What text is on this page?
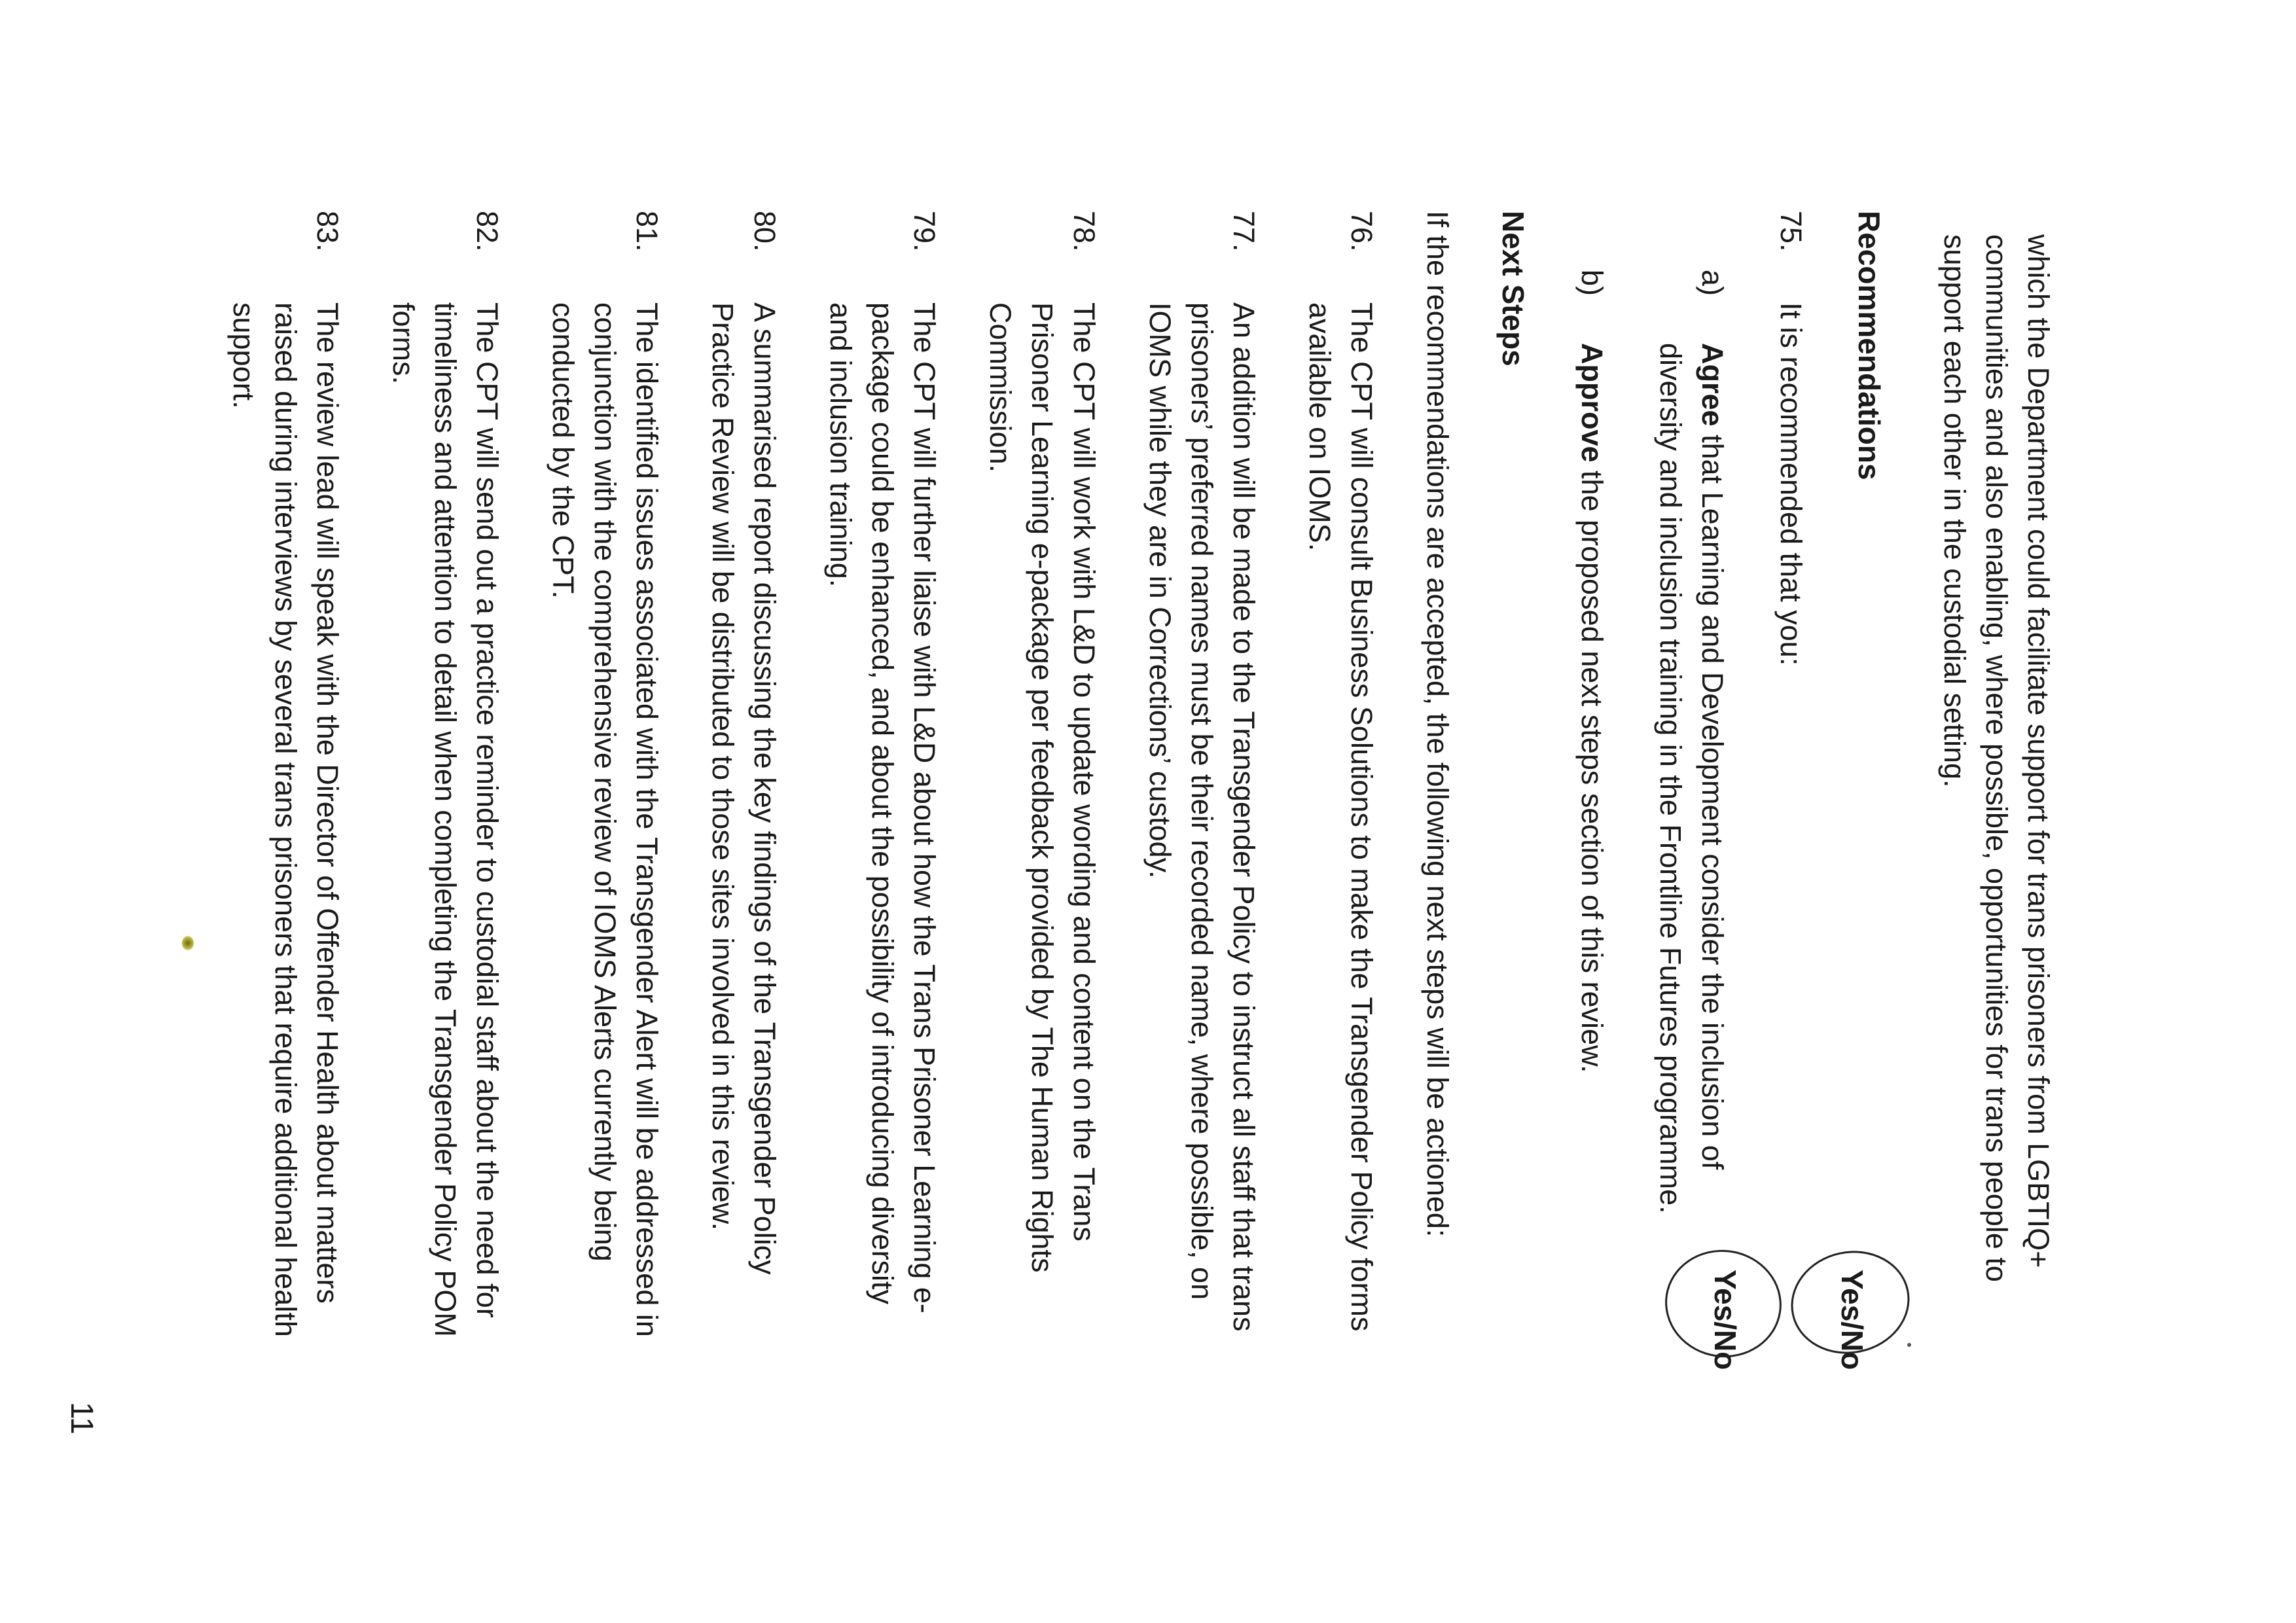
which the Department could facilitate support for trans prisoners from LGBTIQ+ communities and also enabling, where possible, opportunities for trans people to support each other in the custodial setting.

Recommendations

75.
It is recommended that you:

a)
Agree that Learning and Development consider the inclusion of diversity and inclusion training in the Frontline Futures programme.

b)
Approve the proposed next steps section of this review.

Next Steps

If the recommendations are accepted, the following next steps will be actioned:

76.
The CPT will consult Business Solutions to make the Transgender Policy forms available on IOMS.

77.
An addition will be made to the Transgender Policy to instruct all staff that trans prisoners’ preferred names must be their recorded name, where possible, on IOMS while they are in Corrections’ custody.

78.
The CPT will work with L&D to update wording and content on the Trans Prisoner Learning e-package per feedback provided by The Human Rights Commission.

79.
The CPT will further liaise with L&D about how the Trans Prisoner Learning e-package could be enhanced, and about the possibility of introducing diversity and inclusion training.

80.
A summarised report discussing the key findings of the Transgender Policy Practice Review will be distributed to those sites involved in this review.

81.
The identified issues associated with the Transgender Alert will be addressed in conjunction with the comprehensive review of IOMS Alerts currently being conducted by the CPT.

82.
The CPT will send out a practice reminder to custodial staff about the need for timeliness and attention to detail when completing the Transgender Policy POM forms.

83.
The review lead will speak with the Director of Offender Health about matters raised during interviews by several trans prisoners that require additional health support.

Yes/No
Yes/No
11
